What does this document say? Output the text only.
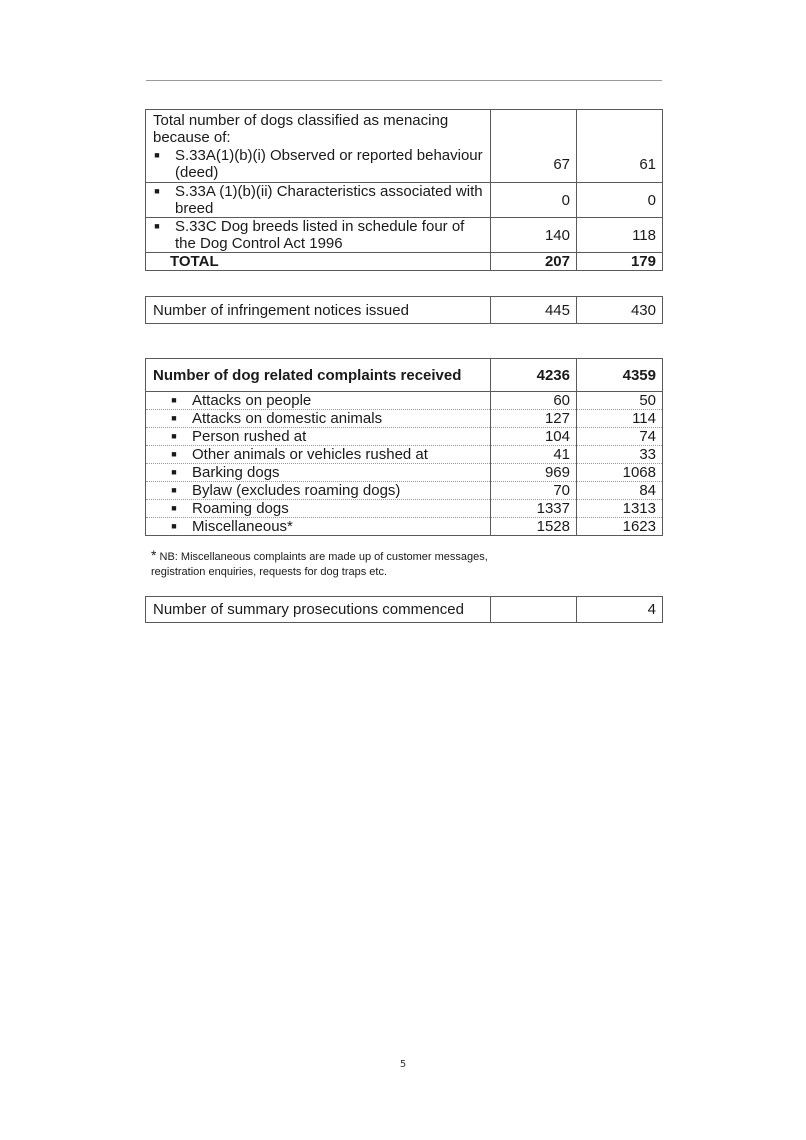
Total number of dogs classified as menacing because of:		

■ S.33A(1)(b)(i) Observed or reported behaviour (deed)	67	61

■ S.33A (1)(b)(ii) Characteristics associated with breed	0	0

■ S.33C Dog breeds listed in schedule four of the Dog Control Act 1996	140	118
TOTAL	207	179
Number of infringement notices issued	445	430
Number of dog related complaints received	4236	4359
■ Attacks on people	60	50
■ Attacks on domestic animals	127	114
■ Person rushed at	104	74
■ Other animals or vehicles rushed at	41	33
■ Barking dogs	969	1068
■ Bylaw (excludes roaming dogs)	70	84
■ Roaming dogs	1337	1313
■ Miscellaneous*	1528	1623
* NB: Miscellaneous complaints are made up of customer messages, registration enquiries, requests for dog traps etc.
Number of summary prosecutions commenced		4
5
